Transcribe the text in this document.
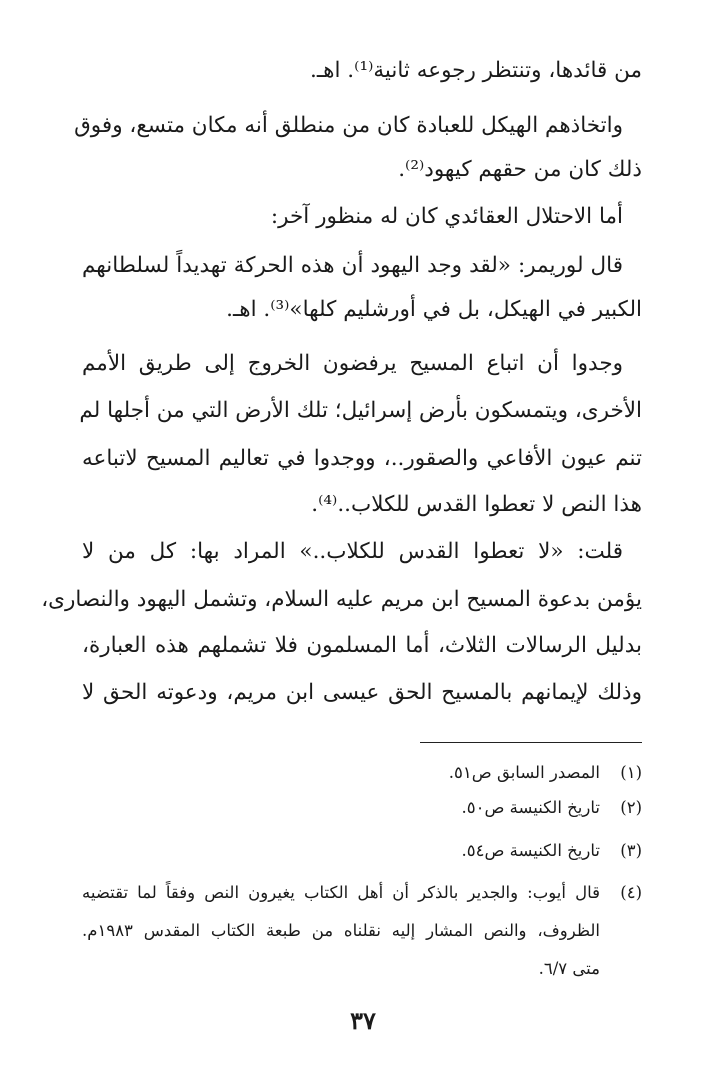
من قائدها، وتنتظر رجوعه ثانية⁽¹⁾. اهـ.
واتخاذهم الهيكل للعبادة كان من منطلق أنه مكان متسع، وفوق
ذلك كان من حقهم كيهود⁽²⁾.
أما الاحتلال العقائدي كان له منظور آخر:
قال لوريمر: «لقد وجد اليهود أن هذه الحركة تهديداً لسلطانهم
الكبير في الهيكل، بل في أورشليم كلها»⁽³⁾. اهـ.
وجدوا أن اتباع المسيح يرفضون الخروج إلى طريق الأمم
الأخرى، ويتمسكون بأرض إسرائيل؛ تلك الأرض التي من أجلها لم
تنم عيون الأفاعي والصقور..، ووجدوا في تعاليم المسيح لاتباعه
هذا النص لا تعطوا القدس للكلاب..⁽⁴⁾.
قلت: «لا تعطوا القدس للكلاب..» المراد بها: كل من لا
يؤمن بدعوة المسيح ابن مريم عليه السلام، وتشمل اليهود والنصارى،
بدليل الرسالات الثلاث، أما المسلمون فلا تشملهم هذه العبارة،
وذلك لإيمانهم بالمسيح الحق عيسى ابن مريم، ودعوته الحق لا
(١)
المصدر السابق ص٥١.
(٢)
تاريخ الكنيسة ص٥٠.
(٣)
تاريخ الكنيسة ص٥٤.
(٤)
قال أيوب: والجدير بالذكر أن أهل الكتاب يغيرون النص وفقاً لما تقتضيه
الظروف، والنص المشار إليه نقلناه من طبعة الكتاب المقدس ١٩٨٣م.
متى ٦/٧.
٣٧
